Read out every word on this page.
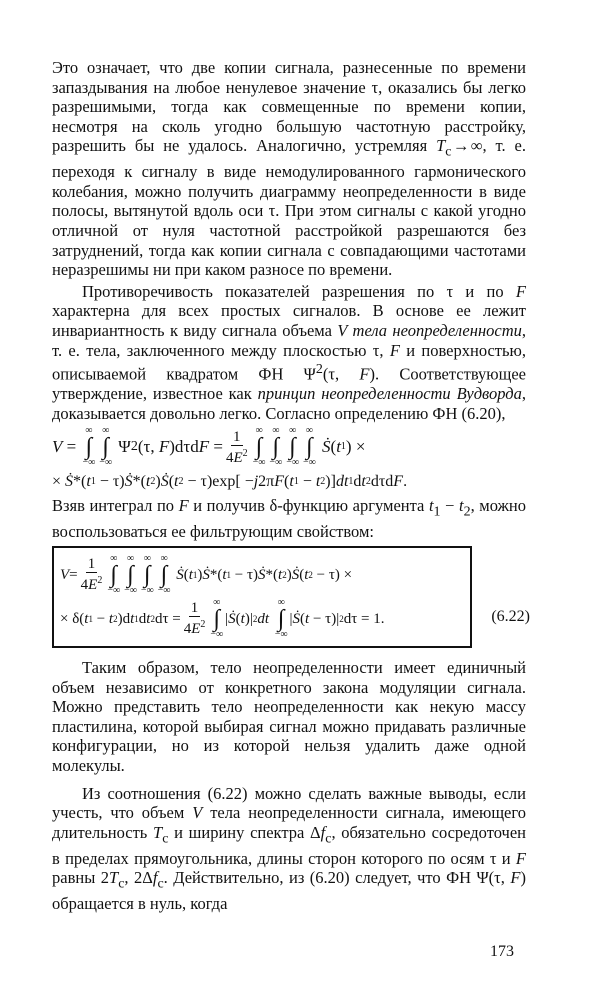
Это означает, что две копии сигнала, разнесенные по времени запаздывания на любое ненулевое значение τ, оказались бы легко разрешимыми, тогда как совмещенные по времени копии, несмотря на сколь угодно большую частотную расстройку, разрешить бы не удалось. Аналогично, устремляя $T_c$ → ∞, т. е. переходя к сигналу в виде немодулированного гармонического колебания, можно получить диаграмму неопределенности в виде полосы, вытянутой вдоль оси τ. При этом сигналы с какой угодно отличной от нуля частотной расстройкой разрешаются без затруднений, тогда как копии сигнала с совпадающими частотами неразрешимы ни при каком разносе по времени.

Противоречивость показателей разрешения по τ и по F характерна для всех простых сигналов. В основе ее лежит инвариантность к виду сигнала объема V тела неопределенности, т. е. тела, заключенного между плоскостью τ, F и поверхностью, описываемой квадратом ФН $\Psi^2(\tau$, F). Соответствующее утверждение, известное как принцип неопределенности Вудворда, доказывается довольно легко. Согласно определению ФН (6.20),

V =
∞
∫
−∞
∞
∫
−∞
Ψ 2 (τ, F )dτd $F = \frac{1}{4E^2}$ ∞
∫
−∞
∞
∫
−∞
∞
∫
−∞
∞
∫
−∞

Ṡ ( t 1 ) ×
× Ṡ *( t 1 − τ) Ṡ *( t 2 ) Ṡ ( t 2 − τ)exp[ − j 2π F ( t 1 − t 2 )] dt 1 d t 2 dτd F .

Взяв интеграл по F и получив δ-функцию аргумента $t_1 - t_2$, можно воспользоваться ее фильтрующим свойством:

$V = \frac{1}{4E^2}$ ∞
∫
−∞
∞
∫
−∞
∞
∫
−∞
∞
∫
−∞

Ṡ ( t 1 ) Ṡ *( t 1 − τ) Ṡ *( t 2 ) Ṡ ( t 2 − τ) ×
× δ( t 1 − t 2 )d t 1 d t 2 $d\tau = \frac{1}{4E^2}$ ∞
∫
−∞
| Ṡ ( t )| 2 dt

∞
∫
−∞
| Ṡ ( t − τ)| 2 dτ = 1.	(6.22)

Таким образом, тело неопределенности имеет единичный объем независимо от конкретного закона модуляции сигнала. Можно представить тело неопределенности как некую массу пластилина, которой выбирая сигнал можно придавать различные конфигурации, но из которой нельзя удалить даже одной молекулы.

Из соотношения (6.22) можно сделать важные выводы, если учесть, что объем V тела неопределенности сигнала, имеющего длительность $T_c$ и ширину спектра $\Delta f_c$, обязательно сосредоточен в пределах прямоугольника, длины сторон которого по осям τ и F равны $2T_c$, $2\Delta f_c$. Действительно, из (6.20) следует, что ФН Ψ(τ, F) обращается в нуль, когда

173
